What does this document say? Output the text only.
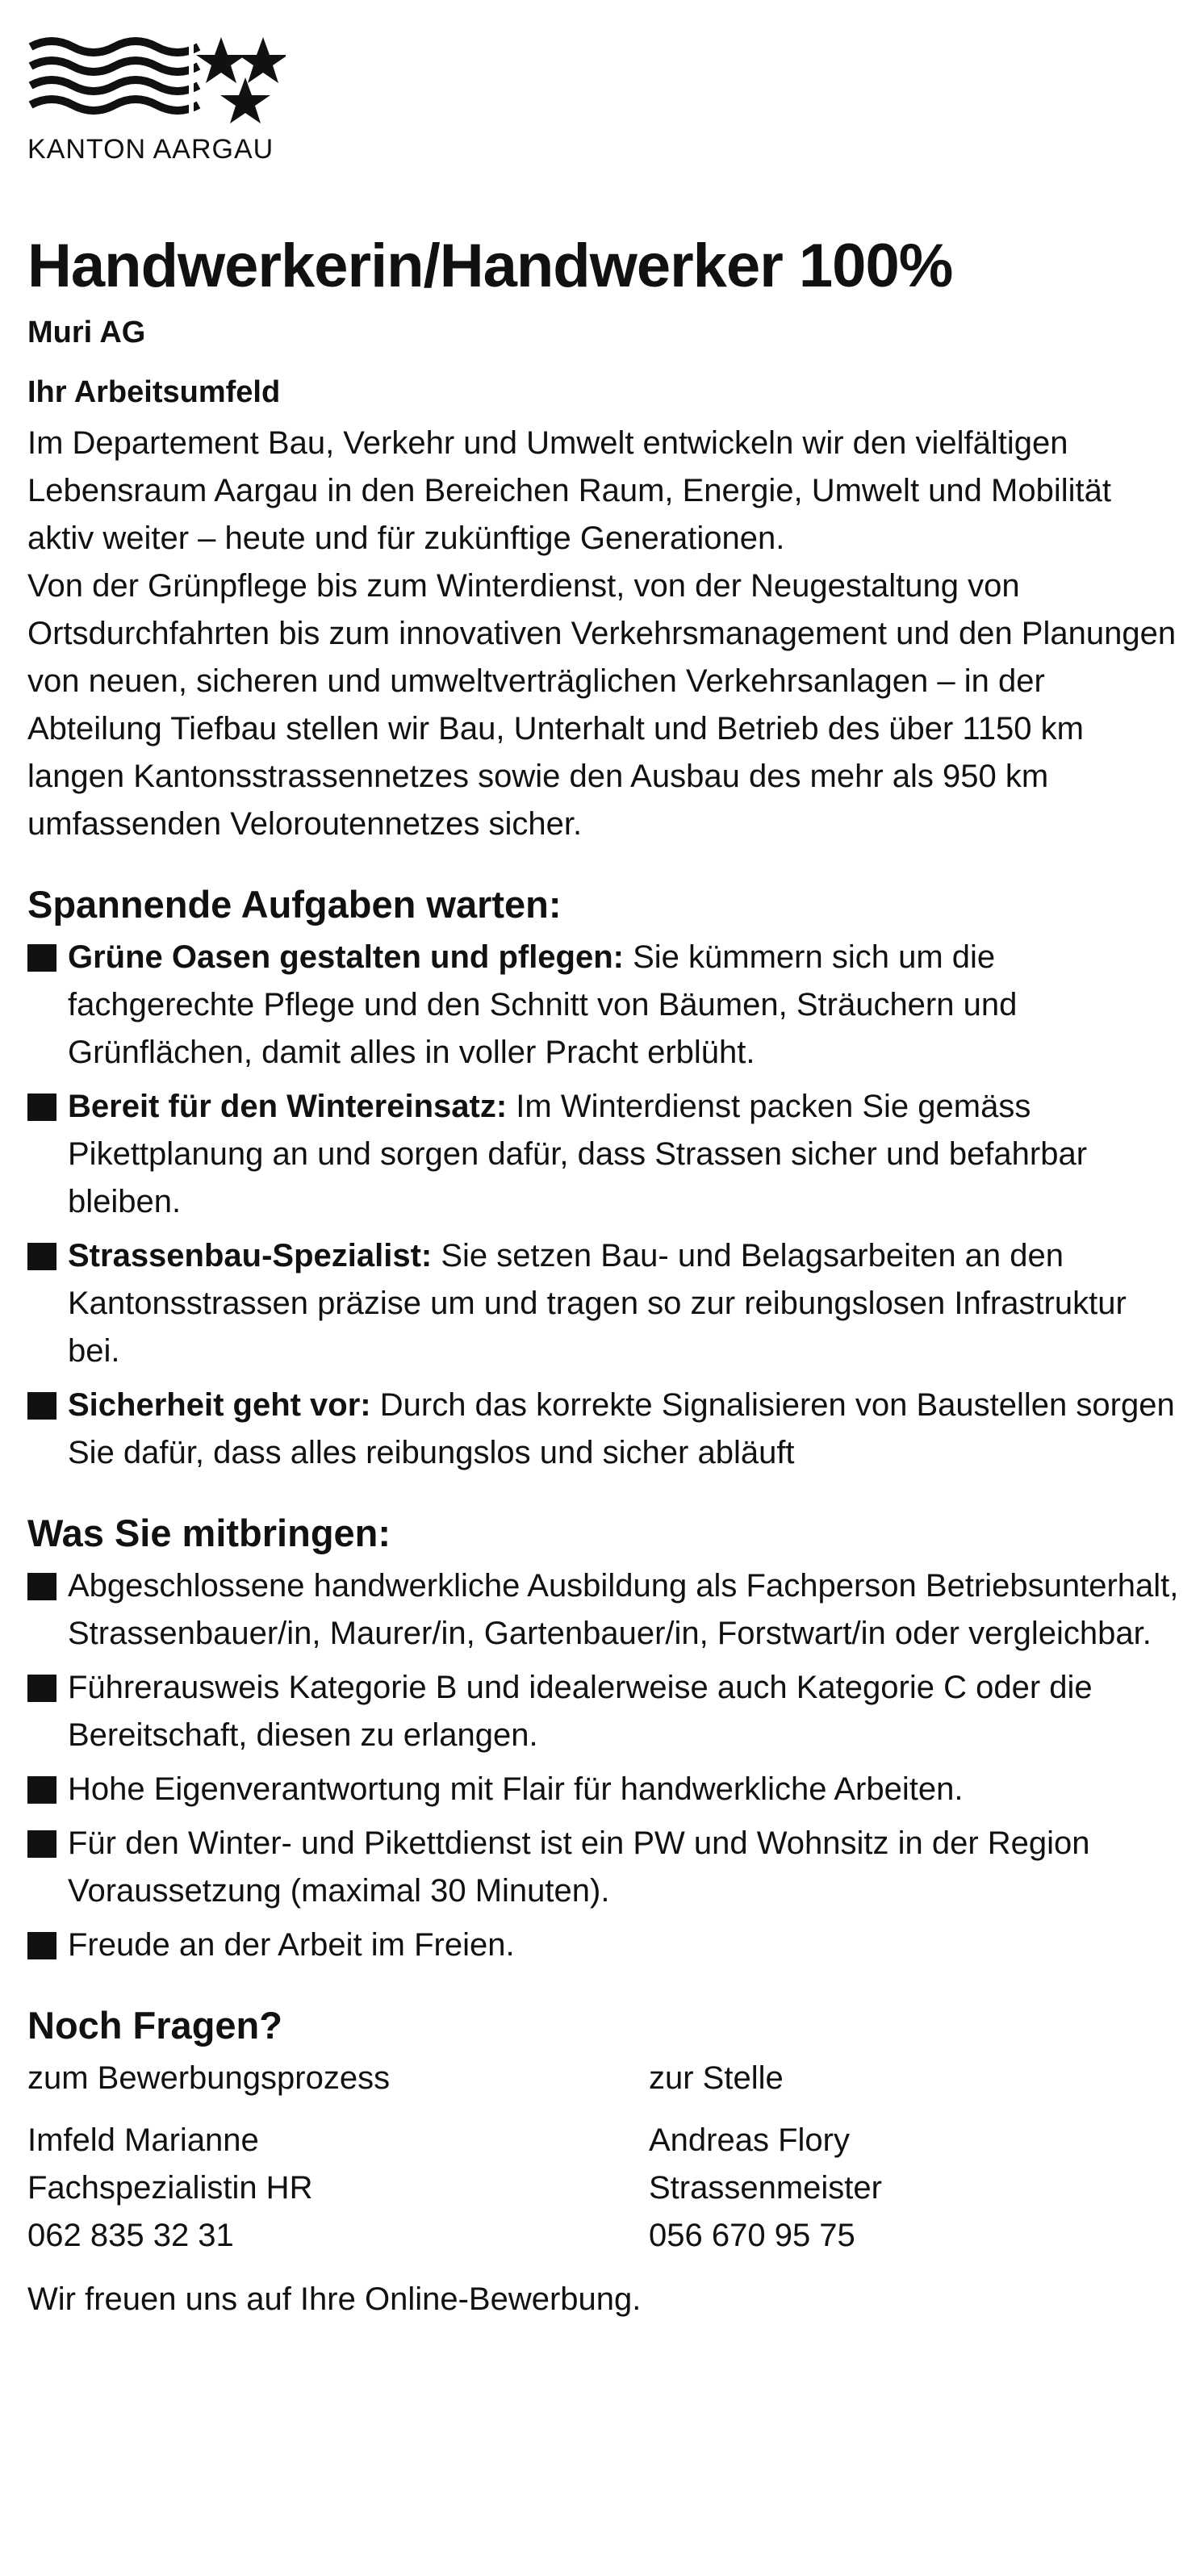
KANTON AARGAU
Handwerkerin/Handwerker 100%
Muri AG
Ihr Arbeitsumfeld

Im Departement Bau, Verkehr und Umwelt entwickeln wir den vielfältigen Lebensraum Aargau in den Bereichen Raum, Energie, Umwelt und Mobilität aktiv weiter – heute und für zukünftige Generationen.

Von der Grünpflege bis zum Winterdienst, von der Neugestaltung von Ortsdurchfahrten bis zum innovativen Verkehrsmanagement und den Planungen von neuen, sicheren und umweltverträglichen Verkehrsanlagen – in der Abteilung Tiefbau stellen wir Bau, Unterhalt und Betrieb des über 1150 km langen Kantonsstrassennetzes sowie den Ausbau des mehr als 950 km umfassenden Veloroutennetzes sicher.

Spannende Aufgaben warten:
Grüne Oasen gestalten und pflegen: Sie kümmern sich um die fachgerechte Pflege und den Schnitt von Bäumen, Sträuchern und Grünflächen, damit alles in voller Pracht erblüht.
Bereit für den Wintereinsatz: Im Winterdienst packen Sie gemäss Pikettplanung an und sorgen dafür, dass Strassen sicher und befahrbar bleiben.
Strassenbau-Spezialist: Sie setzen Bau- und Belagsarbeiten an den Kantonsstrassen präzise um und tragen so zur reibungslosen Infrastruktur bei.
Sicherheit geht vor: Durch das korrekte Signalisieren von Baustellen sorgen Sie dafür, dass alles reibungslos und sicher abläuft
Was Sie mitbringen:
Abgeschlossene handwerkliche Ausbildung als Fachperson Betriebsunterhalt, Strassenbauer/in, Maurer/in, Gartenbauer/in, Forstwart/in oder vergleichbar.
Führerausweis Kategorie B und idealerweise auch Kategorie C oder die Bereitschaft, diesen zu erlangen.
Hohe Eigenverantwortung mit Flair für handwerkliche Arbeiten.
Für den Winter- und Pikettdienst ist ein PW und Wohnsitz in der Region Voraussetzung (maximal 30 Minuten).
Freude an der Arbeit im Freien.
Noch Fragen?
zum Bewerbungsprozess
Imfeld Marianne
Fachspezialistin HR
062 835 32 31
zur Stelle
Andreas Flory
Strassenmeister
056 670 95 75
Wir freuen uns auf Ihre Online-Bewerbung.
